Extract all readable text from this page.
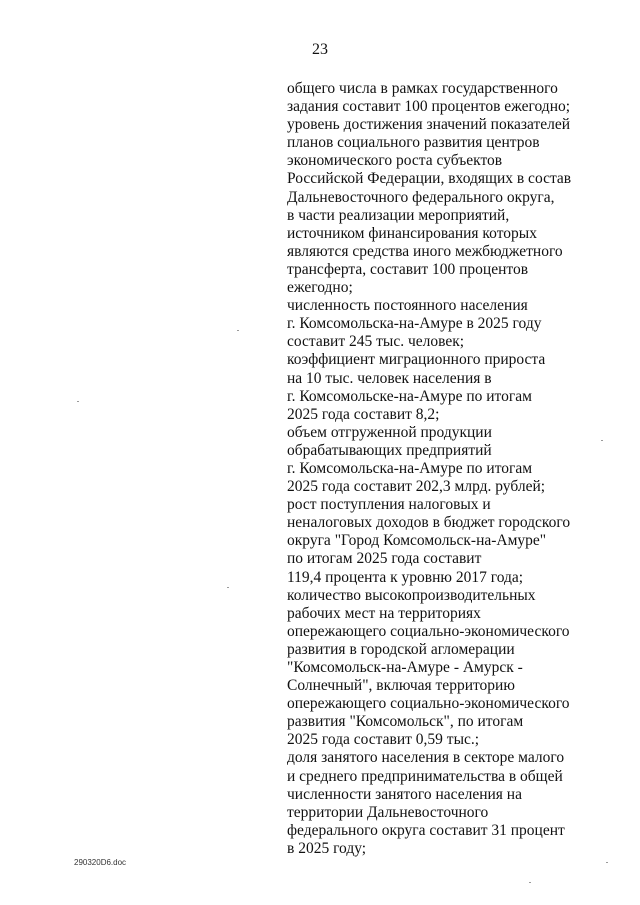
23
общего числа в рамках государственного
задания составит 100 процентов ежегодно;
уровень достижения значений показателей
планов социального развития центров
экономического роста субъектов
Российской Федерации, входящих в состав
Дальневосточного федерального округа,
в части реализации мероприятий,
источником финансирования которых
являются средства иного межбюджетного
трансферта, составит 100 процентов
ежегодно;
численность постоянного населения
г. Комсомольска-на-Амуре в 2025 году
составит 245 тыс. человек;
коэффициент миграционного прироста
на 10 тыс. человек населения в
г. Комсомольске-на-Амуре по итогам
2025 года составит 8,2;
объем отгруженной продукции
обрабатывающих предприятий
г. Комсомольска-на-Амуре по итогам
2025 года составит 202,3 млрд. рублей;
рост поступления налоговых и
неналоговых доходов в бюджет городского
округа "Город Комсомольск-на-Амуре"
по итогам 2025 года составит
119,4 процента к уровню 2017 года;
количество высокопроизводительных
рабочих мест на территориях
опережающего социально-экономического
развития в городской агломерации
"Комсомольск-на-Амуре - Амурск -
Солнечный", включая территорию
опережающего социально-экономического
развития "Комсомольск", по итогам
2025 года составит 0,59 тыс.;
доля занятого населения в секторе малого
и среднего предпринимательства в общей
численности занятого населения на
территории Дальневосточного
федерального округа составит 31 процент
в 2025 году;
290320D6.doc
